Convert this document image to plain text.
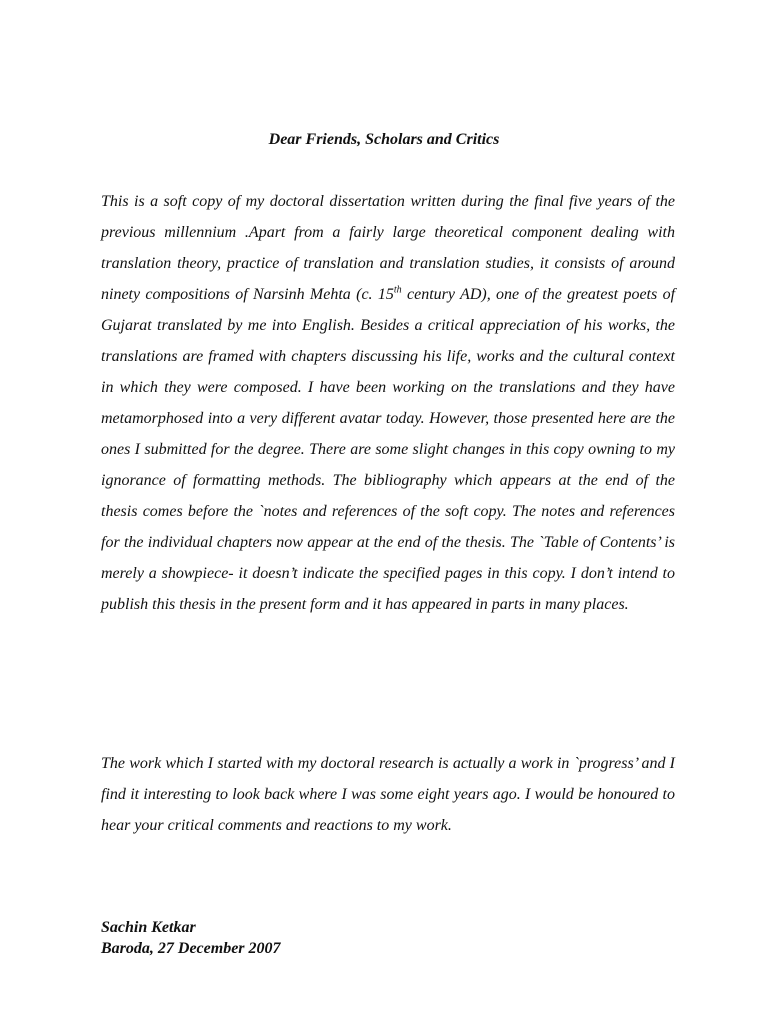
Dear Friends, Scholars and Critics

This is a soft copy of my doctoral dissertation written during the final five years of the previous millennium .Apart from a fairly large theoretical component dealing with translation theory, practice of translation and translation studies, it consists of around ninety compositions of Narsinh Mehta (c. 15th century AD), one of the greatest poets of Gujarat translated by me into English. Besides a critical appreciation of his works, the translations are framed with chapters discussing his life, works and the cultural context in which they were composed. I have been working on the translations and they have metamorphosed into a very different avatar today. However, those presented here are the ones I submitted for the degree. There are some slight changes in this copy owning to my ignorance of formatting methods. The bibliography which appears at the end of the thesis comes before the `notes and references of the soft copy. The notes and references for the individual chapters now appear at the end of the thesis. The `Table of Contents’ is merely a showpiece- it doesn’t indicate the specified pages in this copy. I don’t intend to publish this thesis in the present form and it has appeared in parts in many places.

The work which I started with my doctoral research is actually a work in `progress’ and I find it interesting to look back where I was some eight years ago. I would be honoured to hear your critical comments and reactions to my work.

Sachin Ketkar
Baroda, 27 December 2007
